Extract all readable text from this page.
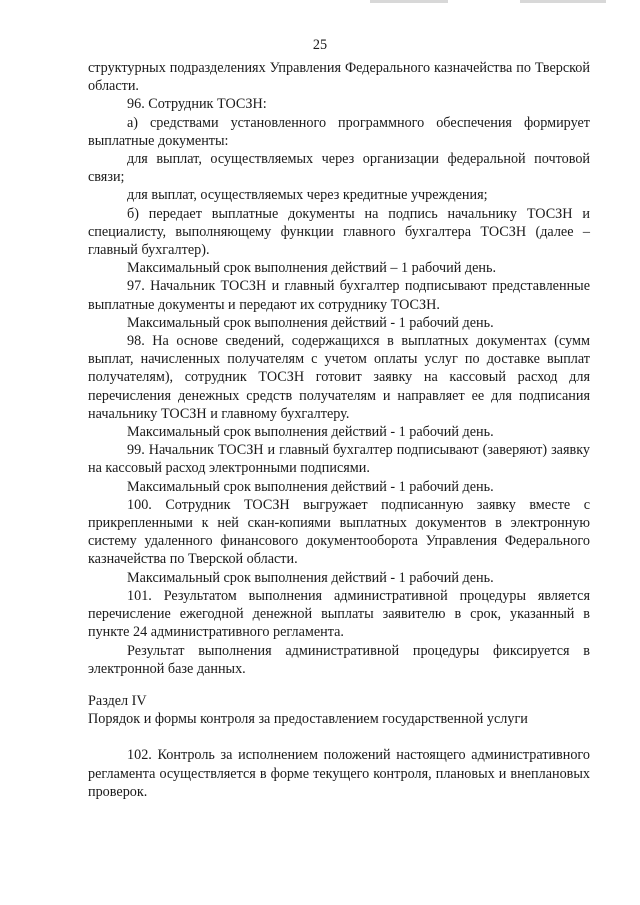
25

структурных подразделениях Управления Федерального казначейства по Тверской области.

96. Сотрудник ТОСЗН:

а) средствами установленного программного обеспечения формирует выплатные документы:

для выплат, осуществляемых через организации федеральной почтовой связи;

для выплат, осуществляемых через кредитные учреждения;

б) передает выплатные документы на подпись начальнику ТОСЗН и специалисту, выполняющему функции главного бухгалтера ТОСЗН (далее – главный бухгалтер).

Максимальный срок выполнения действий – 1 рабочий день.

97. Начальник ТОСЗН и главный бухгалтер подписывают представленные выплатные документы и передают их сотруднику ТОСЗН.

Максимальный срок выполнения действий - 1 рабочий день.

98. На основе сведений, содержащихся в выплатных документах (сумм выплат, начисленных получателям с учетом оплаты услуг по доставке выплат получателям), сотрудник ТОСЗН готовит заявку на кассовый расход для перечисления денежных средств получателям и направляет ее для подписания начальнику ТОСЗН и главному бухгалтеру.

Максимальный срок выполнения действий - 1 рабочий день.

99. Начальник ТОСЗН и главный бухгалтер подписывают (заверяют) заявку на кассовый расход электронными подписями.

Максимальный срок выполнения действий - 1 рабочий день.

100. Сотрудник ТОСЗН выгружает подписанную заявку вместе с прикрепленными к ней скан-копиями выплатных документов в электронную систему удаленного финансового документооборота Управления Федерального казначейства по Тверской области.

Максимальный срок выполнения действий - 1 рабочий день.

101. Результатом выполнения административной процедуры является перечисление ежегодной денежной выплаты заявителю в срок, указанный в пункте 24 административного регламента.

Результат выполнения административной процедуры фиксируется в электронной базе данных.

Раздел IV

Порядок и формы контроля за предоставлением государственной услуги

102. Контроль за исполнением положений настоящего административного регламента осуществляется в форме текущего контроля, плановых и внеплановых проверок.
